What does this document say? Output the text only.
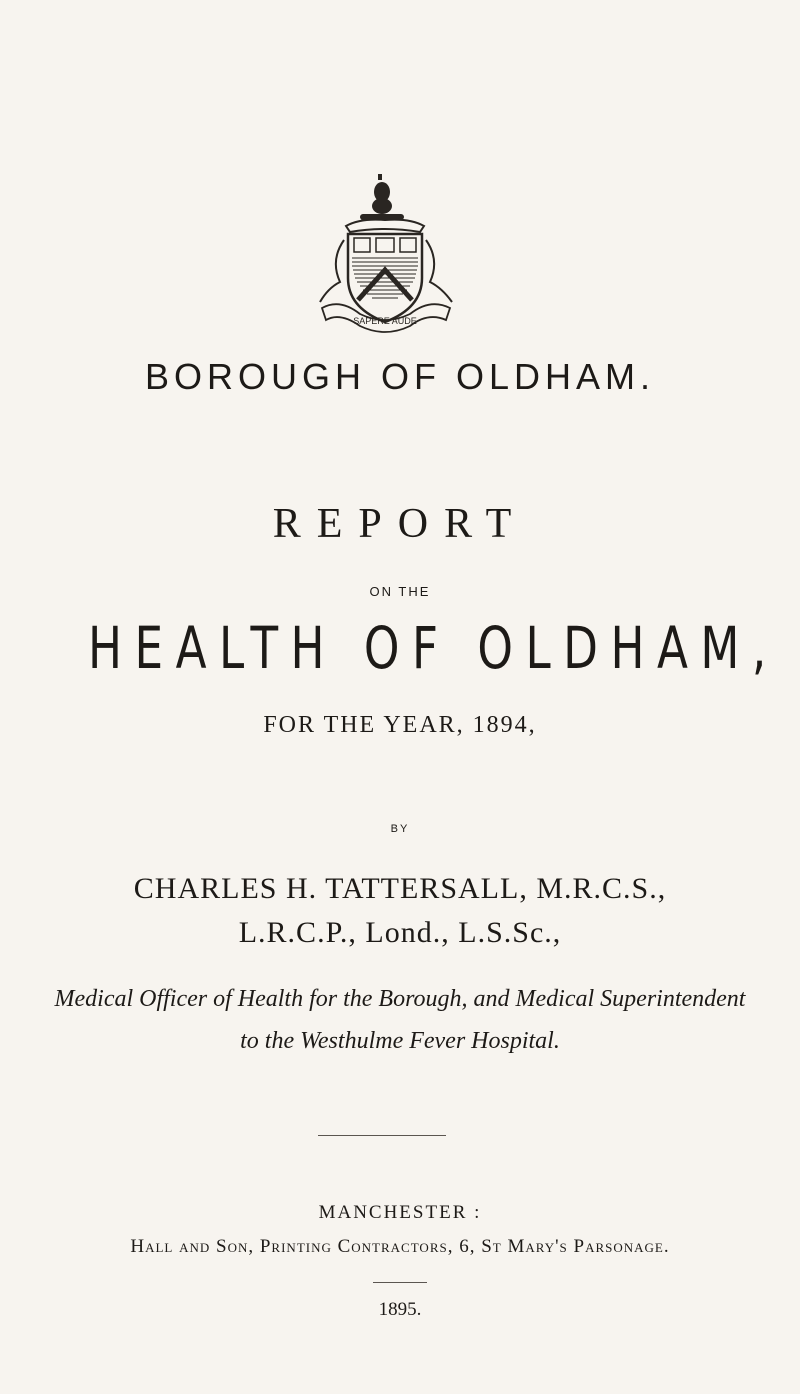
SAPERE AUDE
BOROUGH OF OLDHAM.
REPORT
ON THE
HEALTH OF OLDHAM,
FOR THE YEAR, 1894,
BY
CHARLES H. TATTERSALL, M.R.C.S.,
L.R.C.P., Lond., L.S.Sc.,
Medical Officer of Health for the Borough, and Medical Superintendent
to the Westhulme Fever Hospital.
MANCHESTER :
Hall and Son, Printing Contractors, 6, St Mary's Parsonage.
1895.
